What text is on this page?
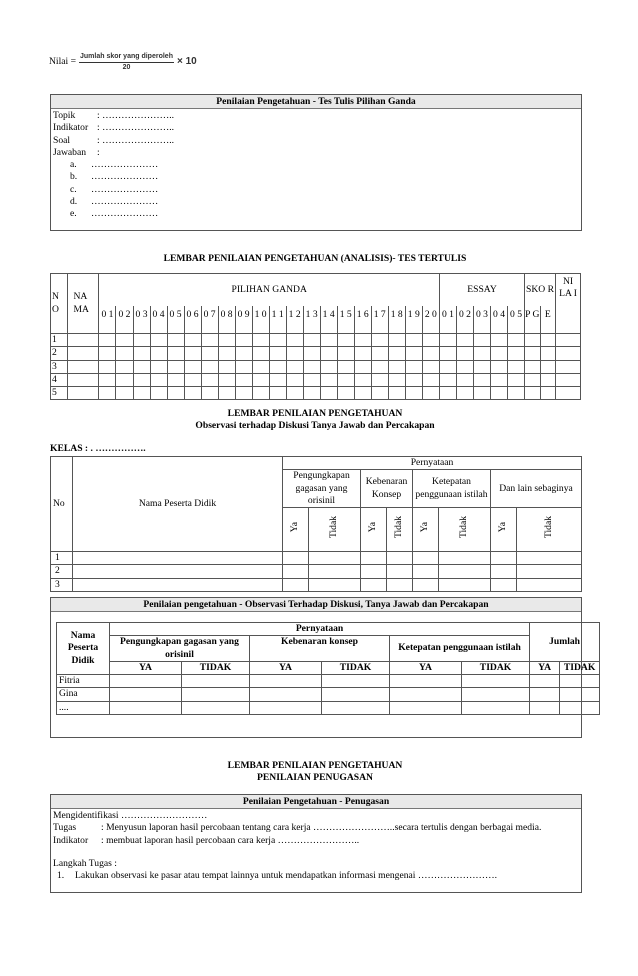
Nilai = $\frac{\text{Jumlah skor yang diperoleh}}{20} \times 10$
Penilaian Pengetahuan - Tes Tulis Pilihan Ganda
Topik : …………………..
Indikator : …………………..
Soal	: …………………..
Jawaban :
a. …………………
b. …………………
c. …………………
d. …………………
e. …………………
LEMBAR PENILAIAN PENGETAHUAN (ANALISIS)- TES TERTULIS
N O	NA MA	PILIHAN GANDA																				ESSAY					SKO R		NI LA I
		0 1	0 2	0 3	0 4	0 5	0 6	0 7	0 8	0 9	1 0	1 1	1 2	1 3	1 4	1 5	1 6	1 7	1 8	1 9	2 0	0 1	0 2	0 3	0 4	0 5	P G	E	
1																													
2																													
3																													
4																													
5																													
LEMBAR PENILAIAN PENGETAHUAN
Observasi terhadap Diskusi Tanya Jawab dan Percakapan
KELAS : . …………….
No	Nama Peserta Didik	Pernyataan							
		Pengungkapan gagasan yang orisinil		Kebenaran Konsep		Ketepatan penggunaan istilah		Dan lain sebaginya	
		Ya	Tidak	Ya	Tidak	Ya	Tidak	Ya	Tidak
1									
2									
3									
Penilaian pengetahuan - Observasi Terhadap Diskusi, Tanya Jawab dan Percakapan
Nama Peserta Didik	Pernyataan						Jumlah	
	Pengungkapan gagasan yang orisinil		Kebenaran konsep		Ketepatan penggunaan istilah			
	YA	TIDAK	YA	TIDAK	YA	TIDAK	YA	TIDAK
Fitria								
Gina								
....								
LEMBAR PENILAIAN PENGETAHUAN
PENILAIAN PENUGASAN
Penilaian Pengetahuan - Penugasan
Mengidentifikasi ………………………
Tugas	: Menyusun laporan hasil percobaan tentang cara kerja ……………………..secara tertulis dengan berbagai media.
Indikator	: membuat laporan hasil percobaan cara kerja ……………………..
Langkah Tugas :
1.	Lakukan observasi ke pasar atau tempat lainnya untuk mendapatkan informasi mengenai …………………….
